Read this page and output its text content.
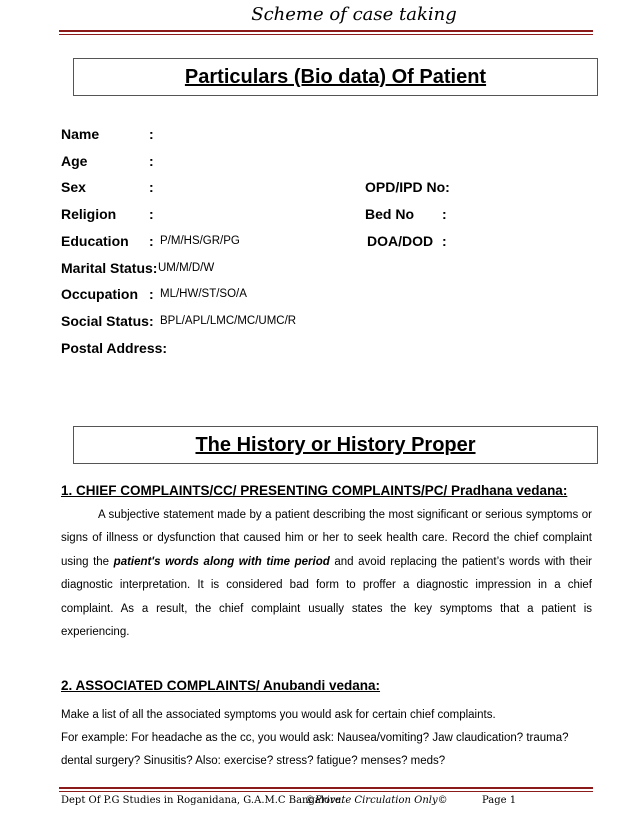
Scheme of case taking
Particulars (Bio data) Of Patient
Name	:
Age	:
Sex	:	OPD/IPD No:
Religion :	Bed No :
Education : P/M/HS/GR/PG	DOA/DOD :
Marital Status: UM/M/D/W
Occupation : ML/HW/ST/SO/A
Social Status : BPL/APL/LMC/MC/UMC/R
Postal Address:
The History or History Proper
1. CHIEF COMPLAINTS/CC/ PRESENTING COMPLAINTS/PC/ Pradhana vedana:
A subjective statement made by a patient describing the most significant or serious symptoms or signs of illness or dysfunction that caused him or her to seek health care. Record the chief complaint using the patient's words along with time period and avoid replacing the patient’s words with their diagnostic interpretation. It is considered bad form to proffer a diagnostic impression in a chief complaint. As a result, the chief complaint usually states the key symptoms that a patient is experiencing.
2. ASSOCIATED COMPLAINTS/ Anubandi vedana:
Make a list of all the associated symptoms you would ask for certain chief complaints.
For example: For headache as the cc, you would ask: Nausea/vomiting? Jaw claudication? trauma?
dental surgery? Sinusitis? Also: exercise? stress? fatigue? menses? meds?
Dept Of P.G Studies in Roganidana, G.A.M.C Bangalore.
©Private Circulation Only©	Page 1
